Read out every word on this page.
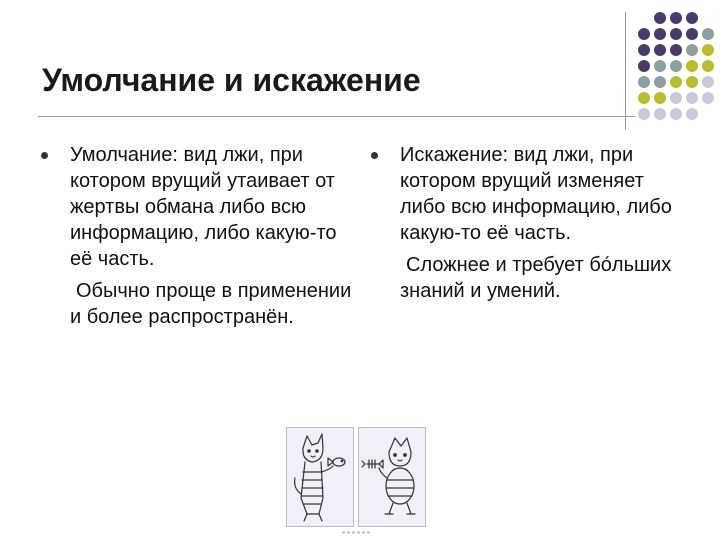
Умолчание и искажение

Умолчание: вид лжи, при котором врущий утаивает от жертвы обмана либо всю информацию, либо какую-то её часть.

Обычно проще в применении и более распространён.

Искажение: вид лжи, при котором врущий изменяет либо всю информацию, либо какую-то её часть.

Сложнее и требует бо́льших знаний и умений.
